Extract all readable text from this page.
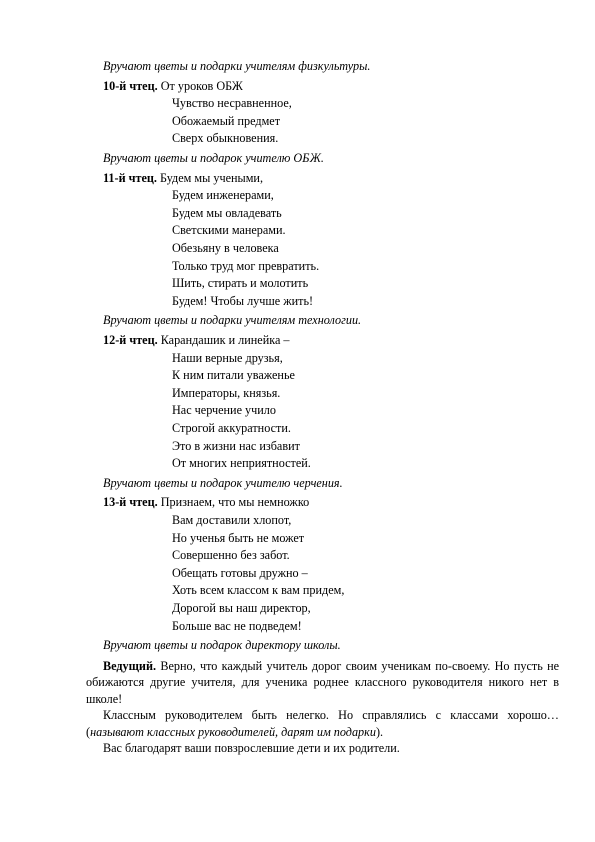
Вручают цветы и подарки учителям физкультуры.
10-й чтец. От уроков ОБЖ
Чувство несравненное,
Обожаемый предмет
Сверх обыкновения.
Вручают цветы и подарок учителю ОБЖ.
11-й чтец. Будем мы учеными,
Будем инженерами,
Будем мы овладевать
Светскими манерами.
Обезьяну в человека
Только труд мог превратить.
Шить, стирать и молотить
Будем! Чтобы лучше жить!
Вручают цветы и подарки учителям технологии.
12-й чтец. Карандашик и линейка –
Наши верные друзья,
К ним питали уваженье
Императоры, князья.
Нас черчение учило
Строгой аккуратности.
Это в жизни нас избавит
От многих неприятностей.
Вручают цветы и подарок учителю черчения.
13-й чтец. Признаем, что мы немножко
Вам доставили хлопот,
Но ученья быть не может
Совершенно без забот.
Обещать готовы дружно –
Хоть всем классом к вам придем,
Дорогой вы наш директор,
Больше вас не подведем!
Вручают цветы и подарок директору школы.

Ведущий. Верно, что каждый учитель дорог своим ученикам по-своему. Но пусть не обижаются другие учителя, для ученика роднее классного руководителя никого нет в школе!

Классным руководителем быть нелегко. Но справлялись с классами хорошо… (называют классных руководителей, дарят им подарки).

Вас благодарят ваши повзрослевшие дети и их родители.
